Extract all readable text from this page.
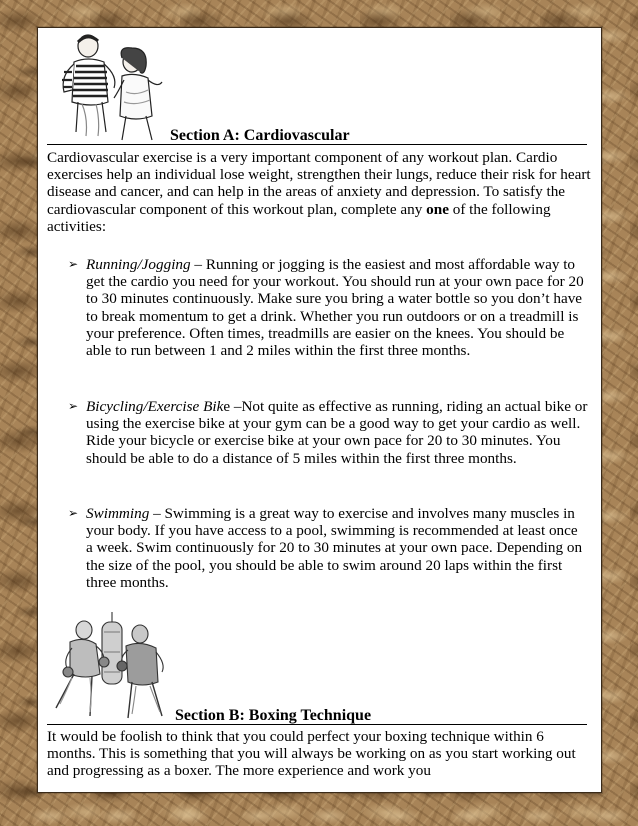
Section A: Cardiovascular

Cardiovascular exercise is a very important component of any workout plan. Cardio exercises help an individual lose weight, strengthen their lungs, reduce their risk for heart disease and cancer, and can help in the areas of anxiety and depression. To satisfy the cardiovascular component of this workout plan, complete any one of the following activities:

➢ Running/Jogging – Running or jogging is the easiest and most affordable way to get the cardio you need for your workout. You should run at your own pace for 20 to 30 minutes continuously. Make sure you bring a water bottle so you don’t have to break momentum to get a drink. Whether you run outdoors or on a treadmill is your preference. Often times, treadmills are easier on the knees. You should be able to run between 1 and 2 miles within the first three months.
➢ Bicycling/Exercise Bike –Not quite as effective as running, riding an actual bike or using the exercise bike at your gym can be a good way to get your cardio as well. Ride your bicycle or exercise bike at your own pace for 20 to 30 minutes. You should be able to do a distance of 5 miles within the first three months.
➢ Swimming – Swimming is a great way to exercise and involves many muscles in your body. If you have access to a pool, swimming is recommended at least once a week. Swim continuously for 20 to 30 minutes at your own pace. Depending on the size of the pool, you should be able to swim around 20 laps within the first three months.
Section B: Boxing Technique

It would be foolish to think that you could perfect your boxing technique within 6 months. This is something that you will always be working on as you start working out and progressing as a boxer. The more experience and work you
